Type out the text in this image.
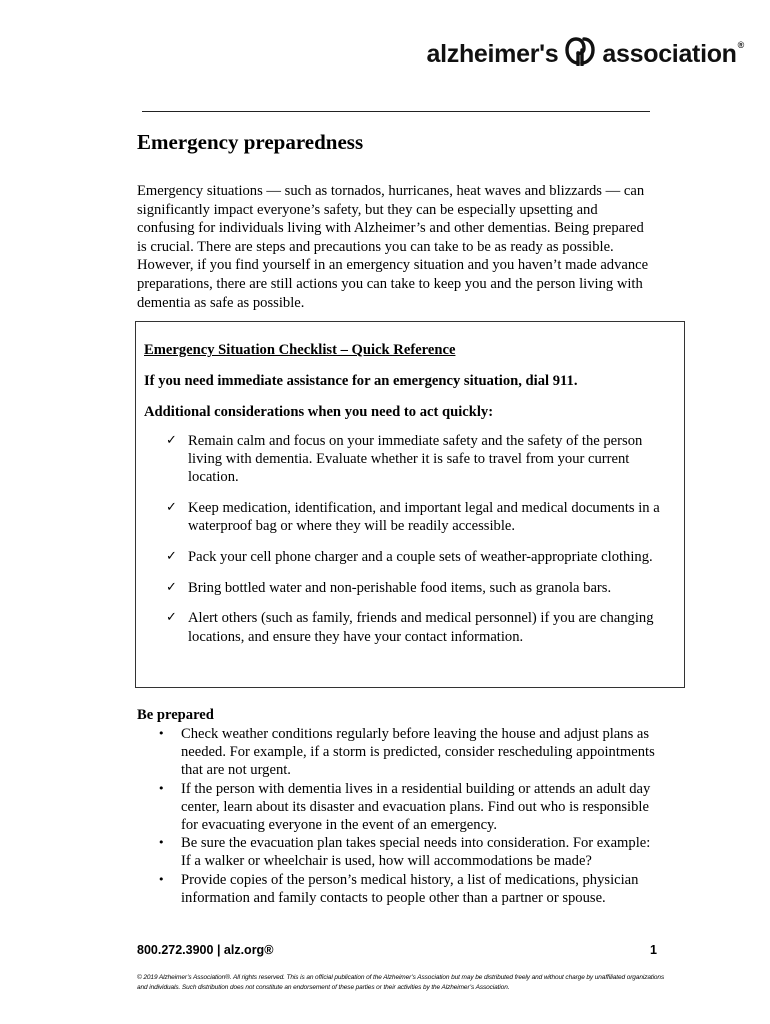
alzheimer's association ®
Emergency preparedness

Emergency situations — such as tornados, hurricanes, heat waves and blizzards — can significantly impact everyone’s safety, but they can be especially upsetting and confusing for individuals living with Alzheimer’s and other dementias. Being prepared is crucial. There are steps and precautions you can take to be as ready as possible. However, if you find yourself in an emergency situation and you haven’t made advance preparations, there are still actions you can take to keep you and the person living with dementia as safe as possible.

Emergency Situation Checklist – Quick Reference

If you need immediate assistance for an emergency situation, dial 911.

Additional considerations when you need to act quickly:

✓ Remain calm and focus on your immediate safety and the safety of the person living with dementia. Evaluate whether it is safe to travel from your current location.
✓ Keep medication, identification, and important legal and medical documents in a waterproof bag or where they will be readily accessible.
✓ Pack your cell phone charger and a couple sets of weather-appropriate clothing.
✓ Bring bottled water and non-perishable food items, such as granola bars.
✓ Alert others (such as family, friends and medical personnel) if you are changing locations, and ensure they have your contact information.

Be prepared

• Check weather conditions regularly before leaving the house and adjust plans as needed. For example, if a storm is predicted, consider rescheduling appointments that are not urgent.
• If the person with dementia lives in a residential building or attends an adult day center, learn about its disaster and evacuation plans. Find out who is responsible for evacuating everyone in the event of an emergency.
• Be sure the evacuation plan takes special needs into consideration. For example: If a walker or wheelchair is used, how will accommodations be made?
• Provide copies of the person’s medical history, a list of medications, physician information and family contacts to people other than a partner or spouse.

800.272.3900 | alz.org®	1

© 2019 Alzheimer’s Association®. All rights reserved. This is an official publication of the Alzheimer’s Association but may be distributed freely and without charge by unaffiliated organizations and individuals. Such distribution does not constitute an endorsement of these parties or their activities by the Alzheimer’s Association.
